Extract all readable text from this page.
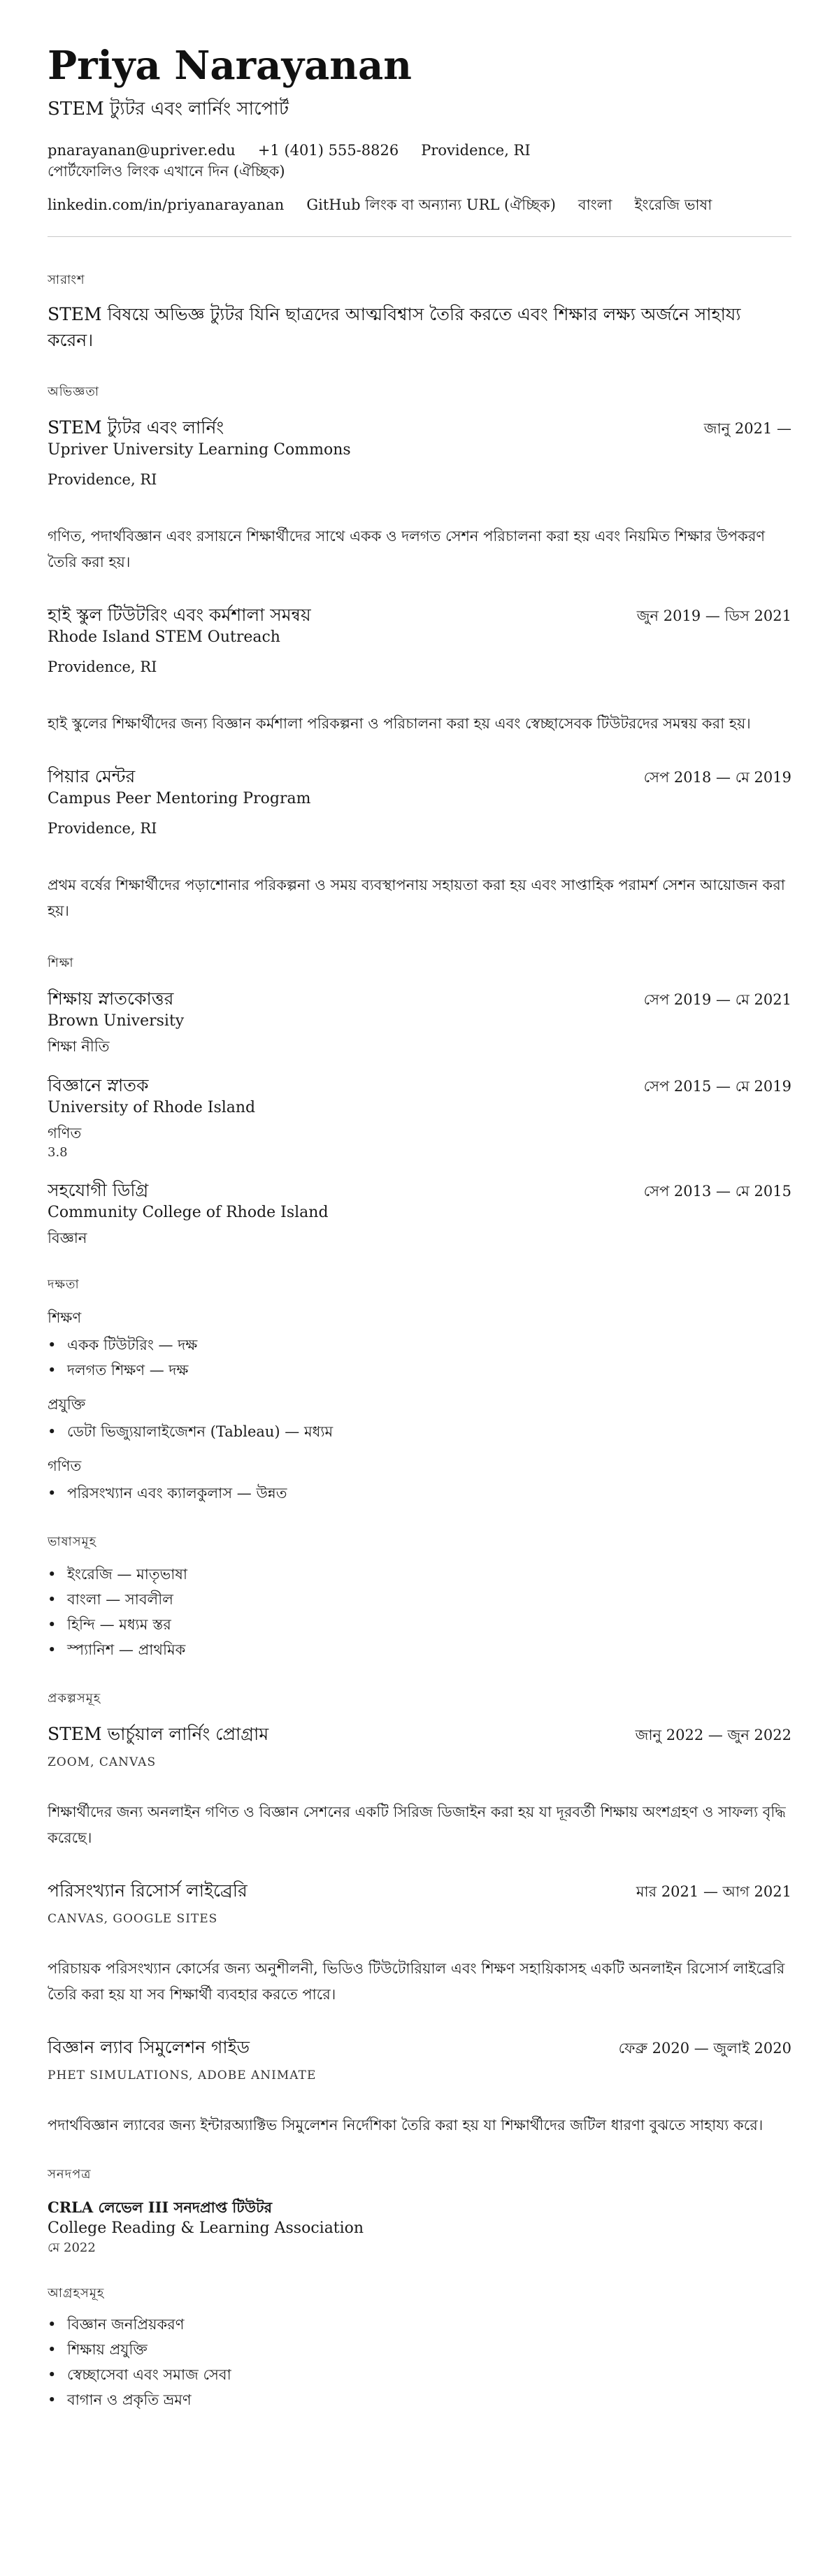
Priya Narayanan
STEM ট্যুটর এবং লার্নিং সাপোর্ট
pnarayanan@upriver.edu +1 (401) 555-8826 Providence, RI
পোর্টফোলিও লিংক এখানে দিন (ঐচ্ছিক)
linkedin.com/in/priyanarayanan GitHub লিংক বা অন্যান্য URL (ঐচ্ছিক) বাংলা ইংরেজি ভাষা
সারাংশ
STEM বিষয়ে অভিজ্ঞ ট্যুটর যিনি ছাত্রদের আত্মবিশ্বাস তৈরি করতে এবং শিক্ষার লক্ষ্য অর্জনে সাহায্য করেন।
অভিজ্ঞতা
STEM ট্যুটর এবং লার্নিং	জানু 2021 —
Upriver University Learning Commons
Providence, RI
গণিত, পদার্থবিজ্ঞান এবং রসায়নে শিক্ষার্থীদের সাথে একক ও দলগত সেশন পরিচালনা করা হয় এবং নিয়মিত শিক্ষার উপকরণ তৈরি করা হয়।
হাই স্কুল টিউটরিং এবং কর্মশালা সমন্বয়	জুন 2019 — ডিস 2021
Rhode Island STEM Outreach
Providence, RI
হাই স্কুলের শিক্ষার্থীদের জন্য বিজ্ঞান কর্মশালা পরিকল্পনা ও পরিচালনা করা হয় এবং স্বেচ্ছাসেবক টিউটরদের সমন্বয় করা হয়।
পিয়ার মেন্টর	সেপ 2018 — মে 2019
Campus Peer Mentoring Program
Providence, RI
প্রথম বর্ষের শিক্ষার্থীদের পড়াশোনার পরিকল্পনা ও সময় ব্যবস্থাপনায় সহায়তা করা হয় এবং সাপ্তাহিক পরামর্শ সেশন আয়োজন করা হয়।
শিক্ষা
শিক্ষায় স্নাতকোত্তর	সেপ 2019 — মে 2021
Brown University
শিক্ষা নীতি
বিজ্ঞানে স্নাতক	সেপ 2015 — মে 2019
University of Rhode Island
গণিত
3.8
সহযোগী ডিগ্রি	সেপ 2013 — মে 2015
Community College of Rhode Island
বিজ্ঞান
দক্ষতা
শিক্ষণ
• একক টিউটরিং — দক্ষ
• দলগত শিক্ষণ — দক্ষ
প্রযুক্তি
• ডেটা ভিজ্যুয়ালাইজেশন (Tableau) — মধ্যম
গণিত
• পরিসংখ্যান এবং ক্যালকুলাস — উন্নত
ভাষাসমূহ
• ইংরেজি — মাতৃভাষা
• বাংলা — সাবলীল
• হিন্দি — মধ্যম স্তর
• স্প্যানিশ — প্রাথমিক
প্রকল্পসমূহ
STEM ভার্চুয়াল লার্নিং প্রোগ্রাম	জানু 2022 — জুন 2022
ZOOM, CANVAS
শিক্ষার্থীদের জন্য অনলাইন গণিত ও বিজ্ঞান সেশনের একটি সিরিজ ডিজাইন করা হয় যা দূরবর্তী শিক্ষায় অংশগ্রহণ ও সাফল্য বৃদ্ধি করেছে।
পরিসংখ্যান রিসোর্স লাইব্রেরি	মার 2021 — আগ 2021
CANVAS, GOOGLE SITES
পরিচায়ক পরিসংখ্যান কোর্সের জন্য অনুশীলনী, ভিডিও টিউটোরিয়াল এবং শিক্ষণ সহায়িকাসহ একটি অনলাইন রিসোর্স লাইব্রেরি তৈরি করা হয় যা সব শিক্ষার্থী ব্যবহার করতে পারে।
বিজ্ঞান ল্যাব সিমুলেশন গাইড	ফেব্রু 2020 — জুলাই 2020
PHET SIMULATIONS, ADOBE ANIMATE
পদার্থবিজ্ঞান ল্যাবের জন্য ইন্টারঅ্যাক্টিভ সিমুলেশন নির্দেশিকা তৈরি করা হয় যা শিক্ষার্থীদের জটিল ধারণা বুঝতে সাহায্য করে।
সনদপত্র
CRLA লেভেল III সনদপ্রাপ্ত টিউটর
College Reading & Learning Association
মে 2022
আগ্রহসমূহ
• বিজ্ঞান জনপ্রিয়করণ
• শিক্ষায় প্রযুক্তি
• স্বেচ্ছাসেবা এবং সমাজ সেবা
• বাগান ও প্রকৃতি ভ্রমণ
